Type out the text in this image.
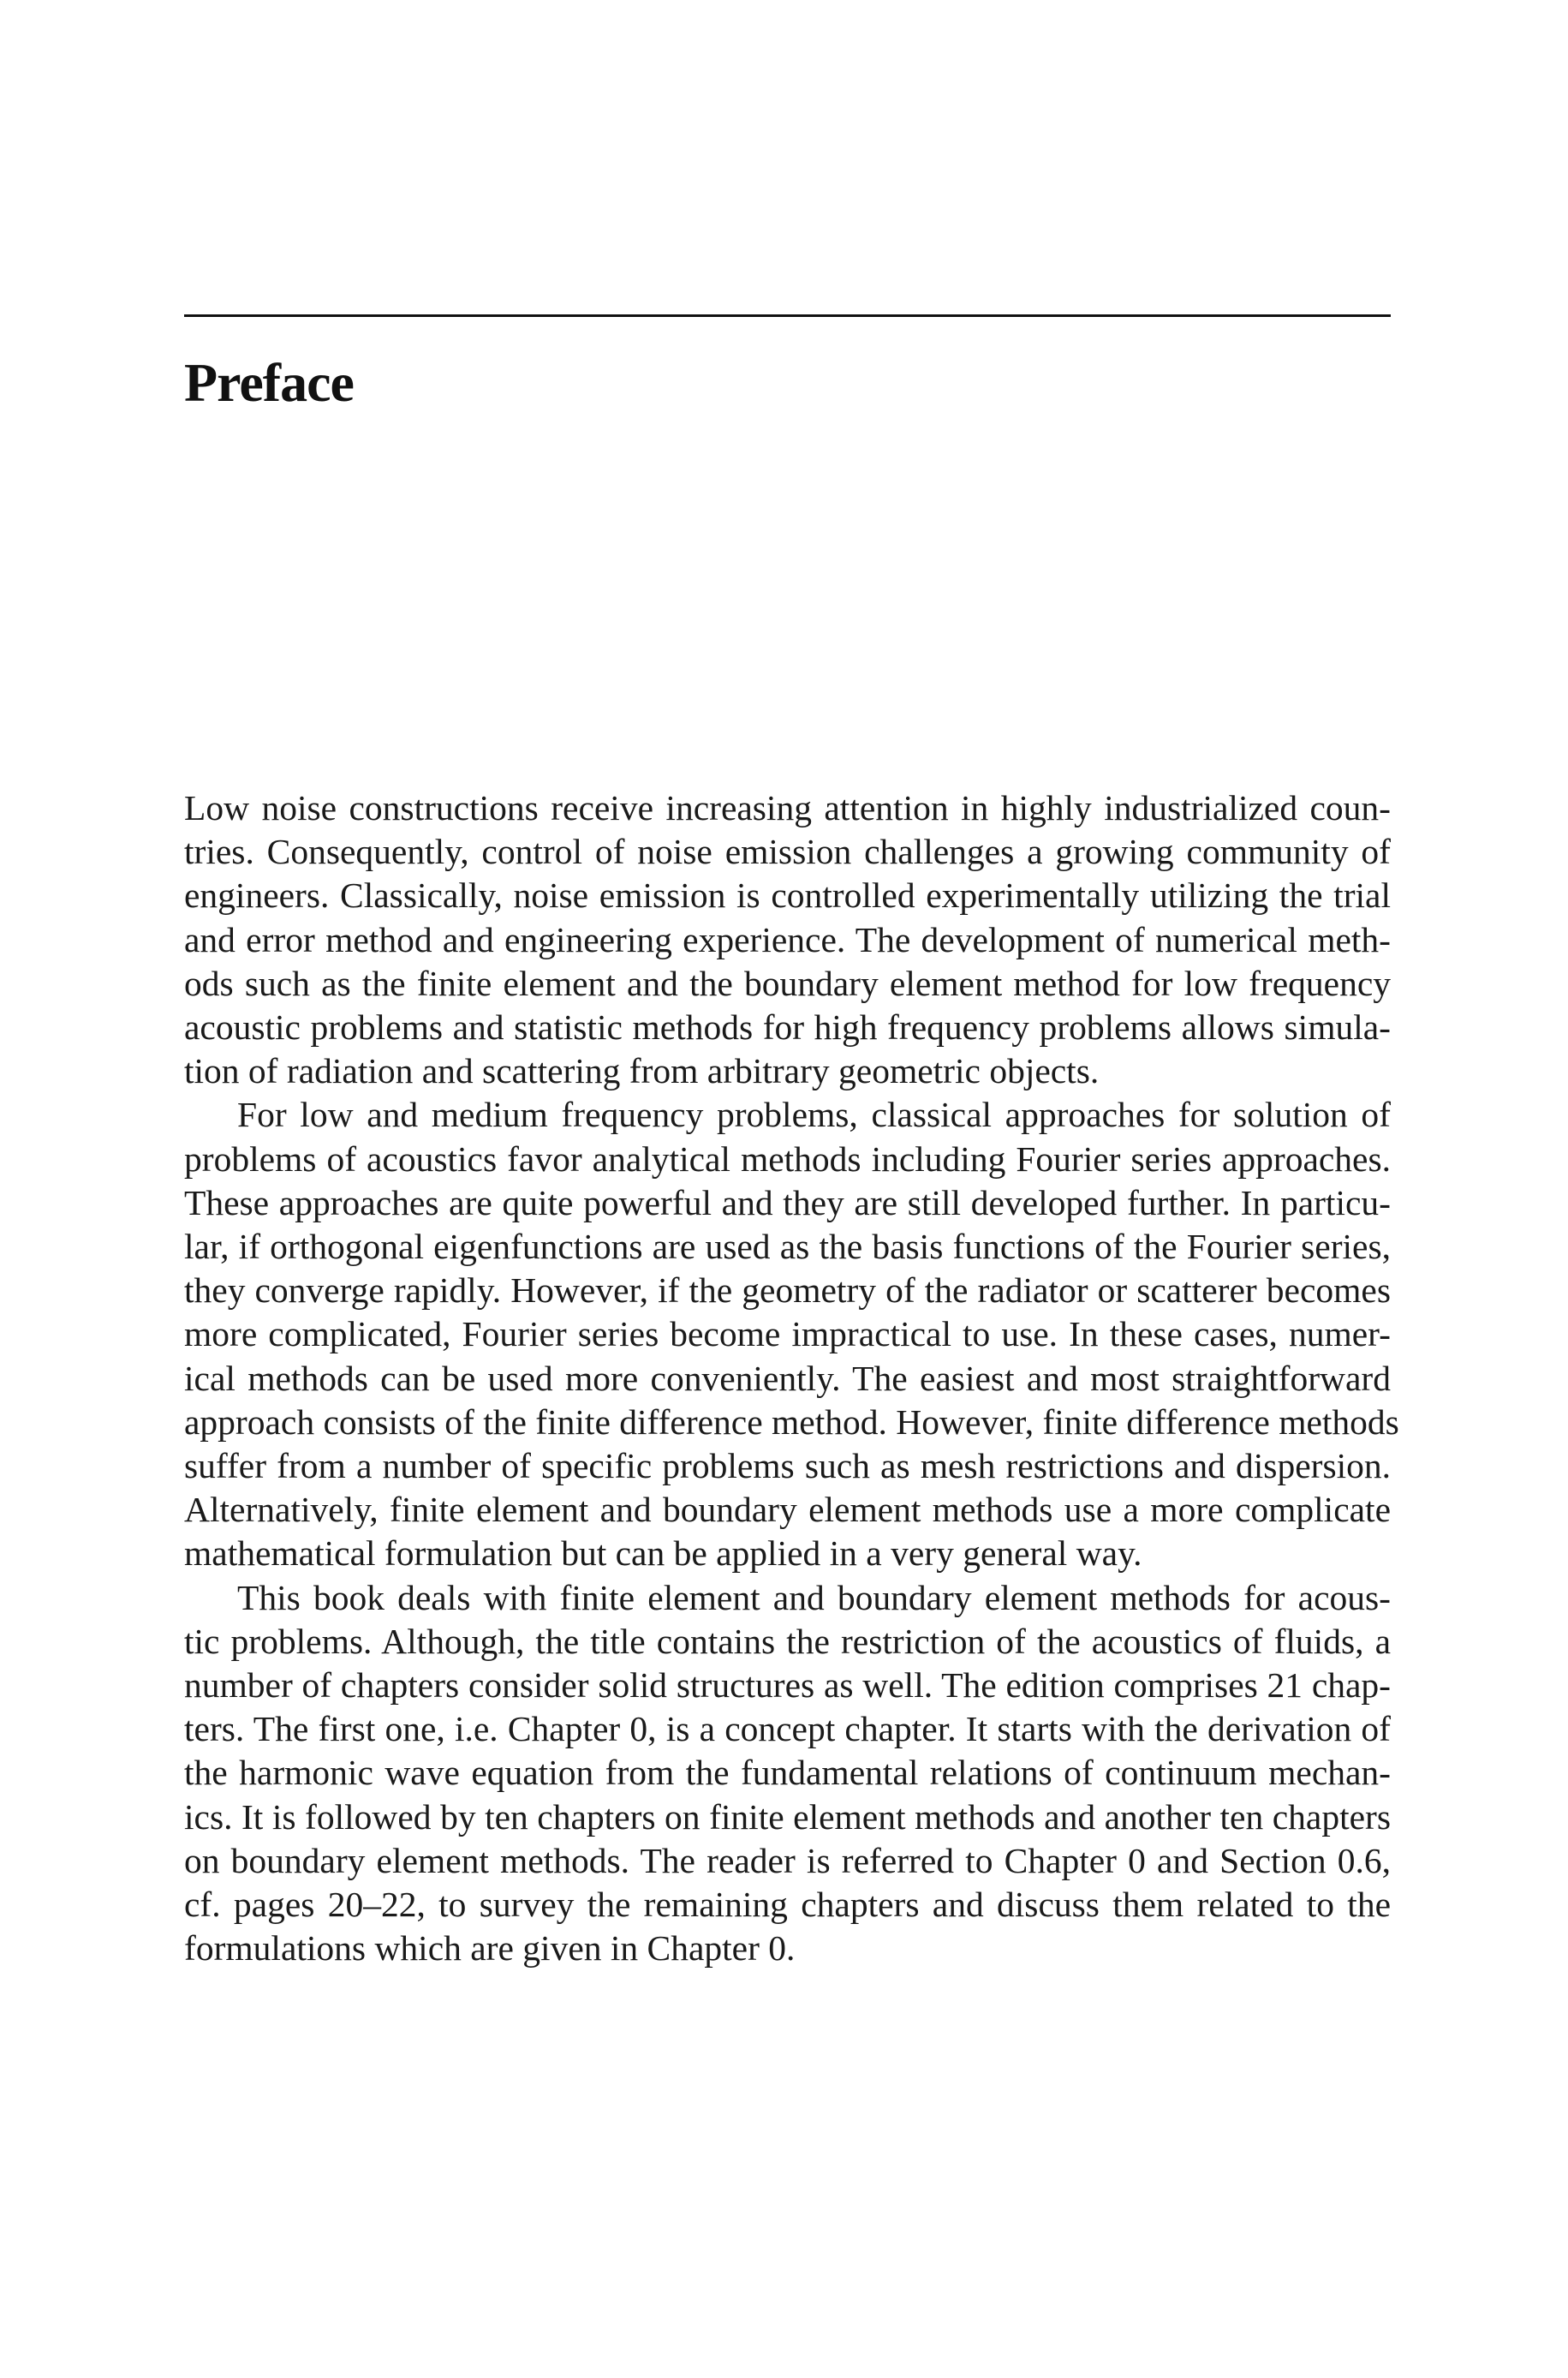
Preface

Low noise constructions receive increasing attention in highly industrialized coun-
tries. Consequently, control of noise emission challenges a growing community of
engineers. Classically, noise emission is controlled experimentally utilizing the trial
and error method and engineering experience. The development of numerical meth-
ods such as the finite element and the boundary element method for low frequency
acoustic problems and statistic methods for high frequency problems allows simula-
tion of radiation and scattering from arbitrary geometric objects.

For low and medium frequency problems, classical approaches for solution of
problems of acoustics favor analytical methods including Fourier series approaches.
These approaches are quite powerful and they are still developed further. In particu-
lar, if orthogonal eigenfunctions are used as the basis functions of the Fourier series,
they converge rapidly. However, if the geometry of the radiator or scatterer becomes
more complicated, Fourier series become impractical to use. In these cases, numer-
ical methods can be used more conveniently. The easiest and most straightforward
approach consists of the finite difference method. However, finite difference methods
suffer from a number of specific problems such as mesh restrictions and dispersion.
Alternatively, finite element and boundary element methods use a more complicate
mathematical formulation but can be applied in a very general way.

This book deals with finite element and boundary element methods for acous-
tic problems. Although, the title contains the restriction of the acoustics of fluids, a
number of chapters consider solid structures as well. The edition comprises 21 chap-
ters. The first one, i.e. Chapter 0, is a concept chapter. It starts with the derivation of
the harmonic wave equation from the fundamental relations of continuum mechan-
ics. It is followed by ten chapters on finite element methods and another ten chapters
on boundary element methods. The reader is referred to Chapter 0 and Section 0.6,
cf. pages 20–22, to survey the remaining chapters and discuss them related to the
formulations which are given in Chapter 0.
